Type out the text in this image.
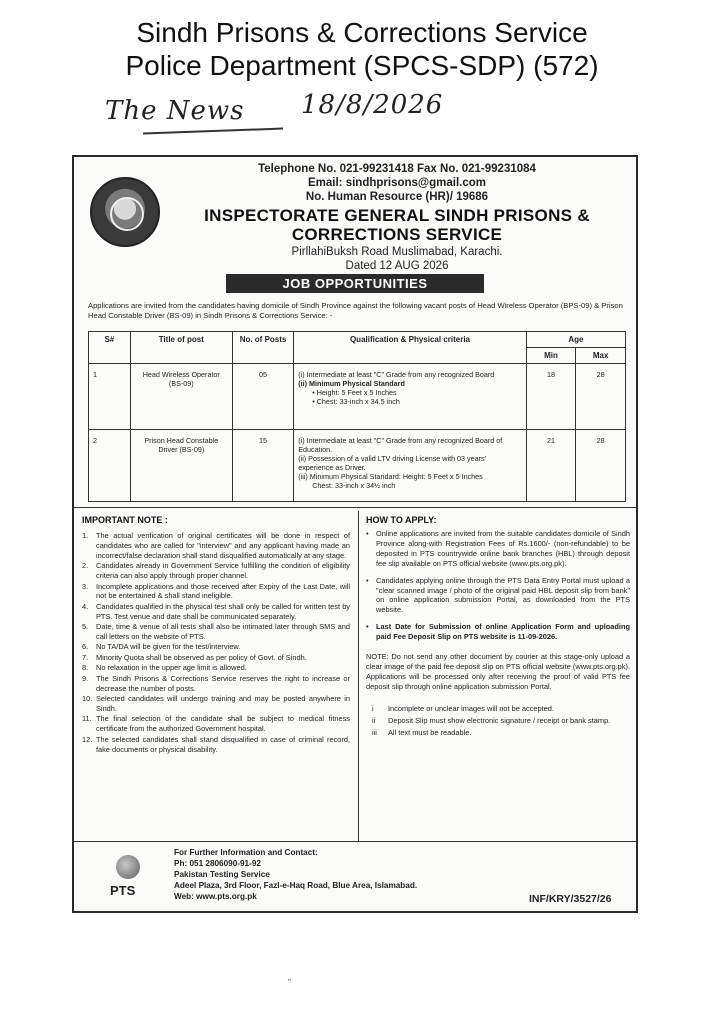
Sindh Prisons & Corrections Service
Police Department (SPCS-SDP) (572)
The News 18/8/2026
Telephone No. 021-99231418 Fax No. 021-99231084
Email: sindhprisons@gmail.com
No. Human Resource (HR)/ 19686
INSPECTORATE GENERAL SINDH PRISONS &
CORRECTIONS SERVICE
PirllahiBuksh Road Muslimabad, Karachi.
Dated 12 AUG 2026
JOB OPPORTUNITIES
Applications are invited from the candidates having domicile of Sindh Province against the following vacant posts of Head Wireless Operator (BPS-09) & Prison Head Constable Driver (BS-09) in Sindh Prisons & Corrections Service: -
S#	Title of post	No. of Posts	Qualification & Physical criteria	Age	
				Min	Max
1	Head Wireless Operator (BS-09)	05	(i) Intermediate at least "C" Grade from any recognized Board
(ii) Minimum Physical Standard
• Height: 5 Feet x 5 Inches
• Chest: 33-inch x 34.5 inch	18	28
2	Prison Head Constable Driver (BS-09)	15	(i) Intermediate at least "C" Grade from any recognized Board of Education.
(ii) Possession of a valid LTV driving License with 03 years' experience as Driver.
(iii) Minimum Physical Standard: Height: 5 Feet x 5 Inches
Chest: 33-inch x 34½ inch	21	28
IMPORTANT NOTE :
1. The actual verification of original certificates will be done in respect of candidates who are called for "interview" and any applicant having made an incorrect/false declaration shall stand disqualified automatically at any stage.
2. Candidates already in Government Service fulfilling the condition of eligibility criteria can also apply through proper channel.
3. Incomplete applications and those received after Expiry of the Last Date, will not be entertained & shall stand ineligible.
4. Candidates qualified in the physical test shall only be called for written test by PTS. Test venue and date shall be communicated separately.
5. Date, time & venue of all tests shall also be intimated later through SMS and call letters on the website of PTS.
6. No TA/DA will be given for the test/interview.
7. Minority Quota shall be observed as per policy of Govt. of Sindh.
8. No relaxation in the upper age limit is allowed.
9. The Sindh Prisons & Corrections Service reserves the right to increase or decrease the number of posts.
10. Selected candidates will undergo training and may be posted anywhere in Sindh.
11. The final selection of the candidate shall be subject to medical fitness certificate from the authorized Government hospital.
12. The selected candidates shall stand disqualified in case of criminal record, fake documents or physical disability.
HOW TO APPLY:
• Online applications are invited from the suitable candidates domicile of Sindh Province along-with Registration Fees of Rs.1600/- (non-refundable) to be deposited in PTS countrywide online bank branches (HBL) through deposit fee slip available on PTS official website (www.pts.org.pk).
• Candidates applying online through the PTS Data Entry Portal must upload a "clear scanned image / photo of the original paid HBL deposit slip from bank" on online application submission Portal, as downloaded from the PTS website.
• Last Date for Submission of online Application Form and uploading paid Fee Deposit Slip on PTS website is 11-09-2026.
NOTE: Do not send any other document by courier at this stage-only upload a clear image of the paid fee deposit slip on PTS official website (www.pts.org.pk). Applications will be processed only after receiving the proof of valid PTS fee deposit slip through online application submission Portal.
i Incomplete or unclear images will not be accepted.
ii Deposit Slip must show electronic signature / receipt or bank stamp.
iii All text must be readable.
PTS
For Further Information and Contact:
Ph: 051 2806090-91-92
Pakistan Testing Service
Adeel Plaza, 3rd Floor, Fazl-e-Haq Road, Blue Area, Islamabad.
Web: www.pts.org.pk	INF/KRY/3527/26
"
